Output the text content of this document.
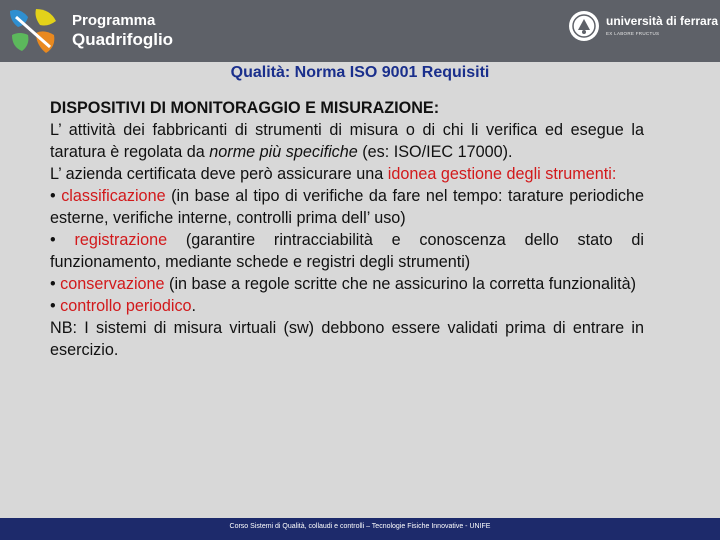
Programma
Quadrifoglio
università di ferrara
EX LABORE FRUCTUS
Qualità: Norma ISO 9001 Requisiti

DISPOSITIVI DI MONITORAGGIO E MISURAZIONE:

L’ attività dei fabbricanti di strumenti di misura o di chi li verifica ed esegue la taratura è regolata da norme più specifiche (es: ISO/IEC 17000).

L’ azienda certificata deve però assicurare una idonea gestione degli strumenti:

• classificazione (in base al tipo di verifiche da fare nel tempo: tarature periodiche esterne, verifiche interne, controlli prima dell’ uso)

• registrazione (garantire rintracciabilità e conoscenza dello stato di funzionamento, mediante schede e registri degli strumenti)

• conservazione (in base a regole scritte che ne assicurino la corretta funzionalità)

• controllo periodico.

NB: I sistemi di misura virtuali (sw) debbono essere validati prima di entrare in esercizio.

Corso Sistemi di Qualità, collaudi e controlli – Tecnologie Fisiche Innovative - UNIFE
